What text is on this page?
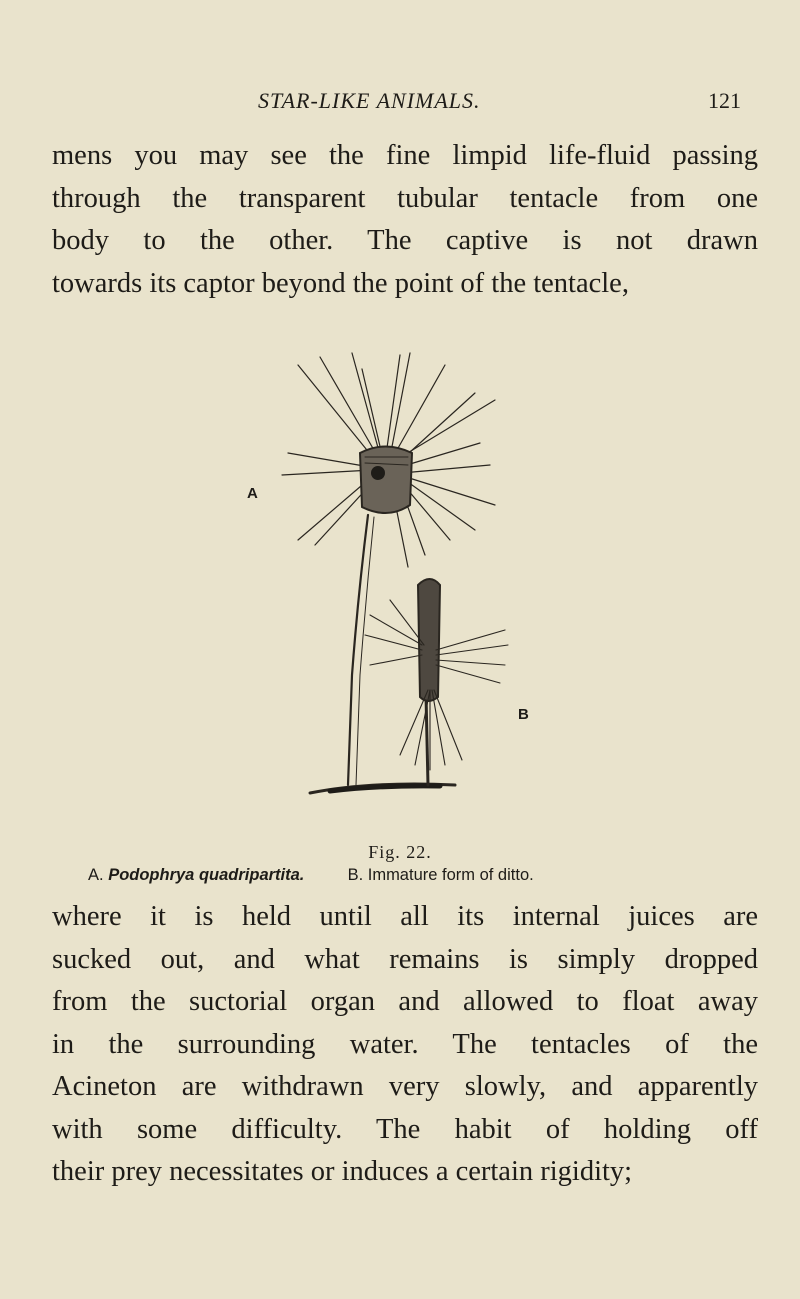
STAR-LIKE ANIMALS.	121
mens you may see the fine limpid life-fluid passing
through the transparent tubular tentacle from one
body to the other. The captive is not drawn
towards its captor beyond the point of the tentacle,
A
B
Fig. 22.
A. Podophrya quadripartita.	B. Immature form of ditto.
where it is held until all its internal juices are
sucked out, and what remains is simply dropped
from the suctorial organ and allowed to float away
in the surrounding water. The tentacles of the
Acineton are withdrawn very slowly, and apparently
with some difficulty. The habit of holding off
their prey necessitates or induces a certain rigidity;
